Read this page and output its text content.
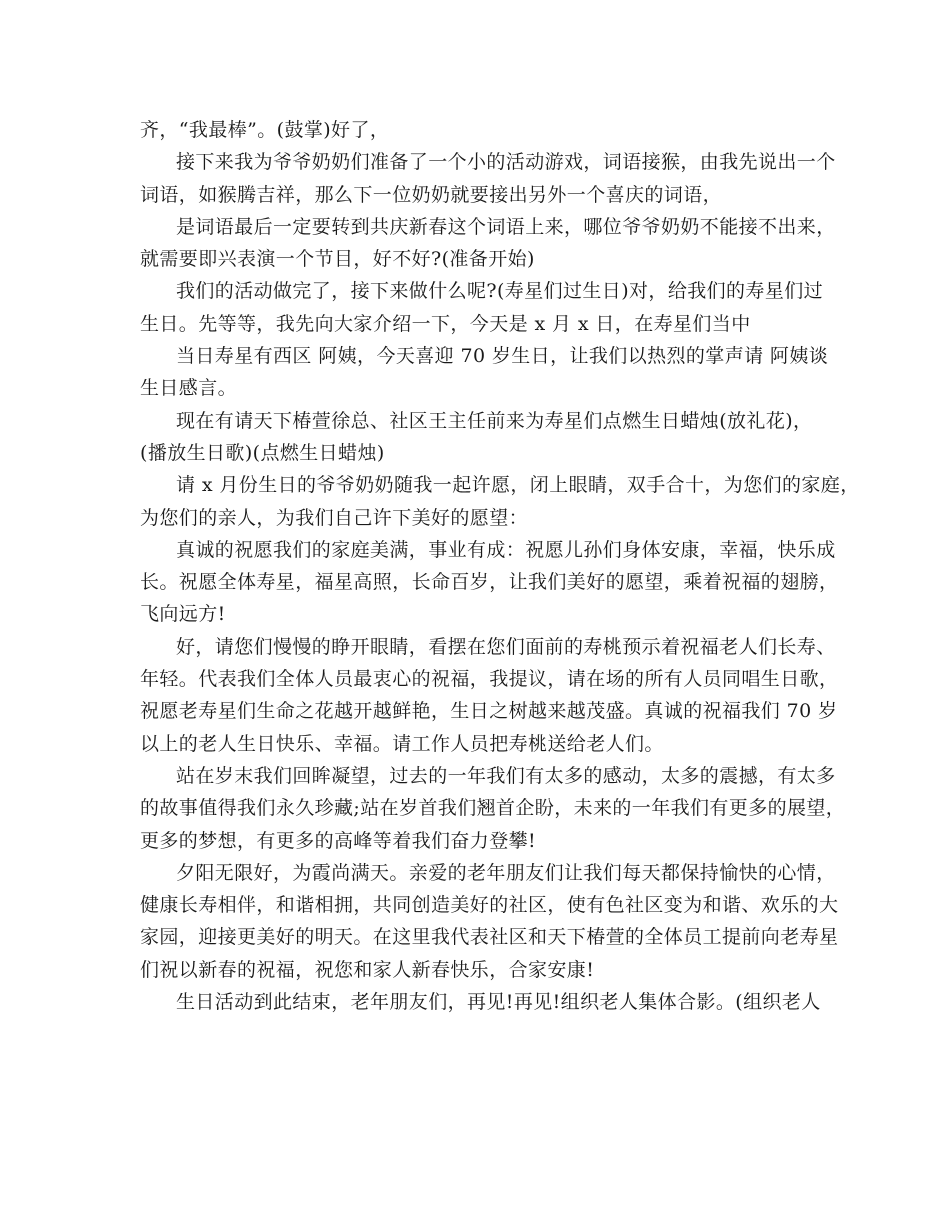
齐，“我最棒”。(鼓掌)好了，
接下来我为爷爷奶奶们准备了一个小的活动游戏，词语接猴，由我先说出一个
词语，如猴腾吉祥，那么下一位奶奶就要接出另外一个喜庆的词语，
是词语最后一定要转到共庆新春这个词语上来，哪位爷爷奶奶不能接不出来，
就需要即兴表演一个节目，好不好?(准备开始)
我们的活动做完了，接下来做什么呢?(寿星们过生日)对，给我们的寿星们过
生日。先等等，我先向大家介绍一下，今天是 x 月 x 日，在寿星们当中
当日寿星有西区 阿姨，今天喜迎 70 岁生日，让我们以热烈的掌声请 阿姨谈
生日感言。
现在有请天下椿萱徐总、社区王主任前来为寿星们点燃生日蜡烛(放礼花)，
(播放生日歌)(点燃生日蜡烛)
请 x 月份生日的爷爷奶奶随我一起许愿，闭上眼睛，双手合十，为您们的家庭，
为您们的亲人，为我们自己许下美好的愿望：
真诚的祝愿我们的家庭美满，事业有成：祝愿儿孙们身体安康，幸福，快乐成
长。祝愿全体寿星，福星高照，长命百岁，让我们美好的愿望，乘着祝福的翅膀，
飞向远方!
好，请您们慢慢的睁开眼睛，看摆在您们面前的寿桃预示着祝福老人们长寿、
年轻。代表我们全体人员最衷心的祝福，我提议，请在场的所有人员同唱生日歌，
祝愿老寿星们生命之花越开越鲜艳，生日之树越来越茂盛。真诚的祝福我们 70 岁
以上的老人生日快乐、幸福。请工作人员把寿桃送给老人们。
站在岁末我们回眸凝望，过去的一年我们有太多的感动，太多的震撼，有太多
的故事值得我们永久珍藏;站在岁首我们翘首企盼，未来的一年我们有更多的展望，
更多的梦想，有更多的高峰等着我们奋力登攀!
夕阳无限好，为霞尚满天。亲爱的老年朋友们让我们每天都保持愉快的心情，
健康长寿相伴，和谐相拥，共同创造美好的社区，使有色社区变为和谐、欢乐的大
家园，迎接更美好的明天。在这里我代表社区和天下椿萱的全体员工提前向老寿星
们祝以新春的祝福，祝您和家人新春快乐，合家安康!
生日活动到此结束，老年朋友们，再见!再见!组织老人集体合影。(组织老人
